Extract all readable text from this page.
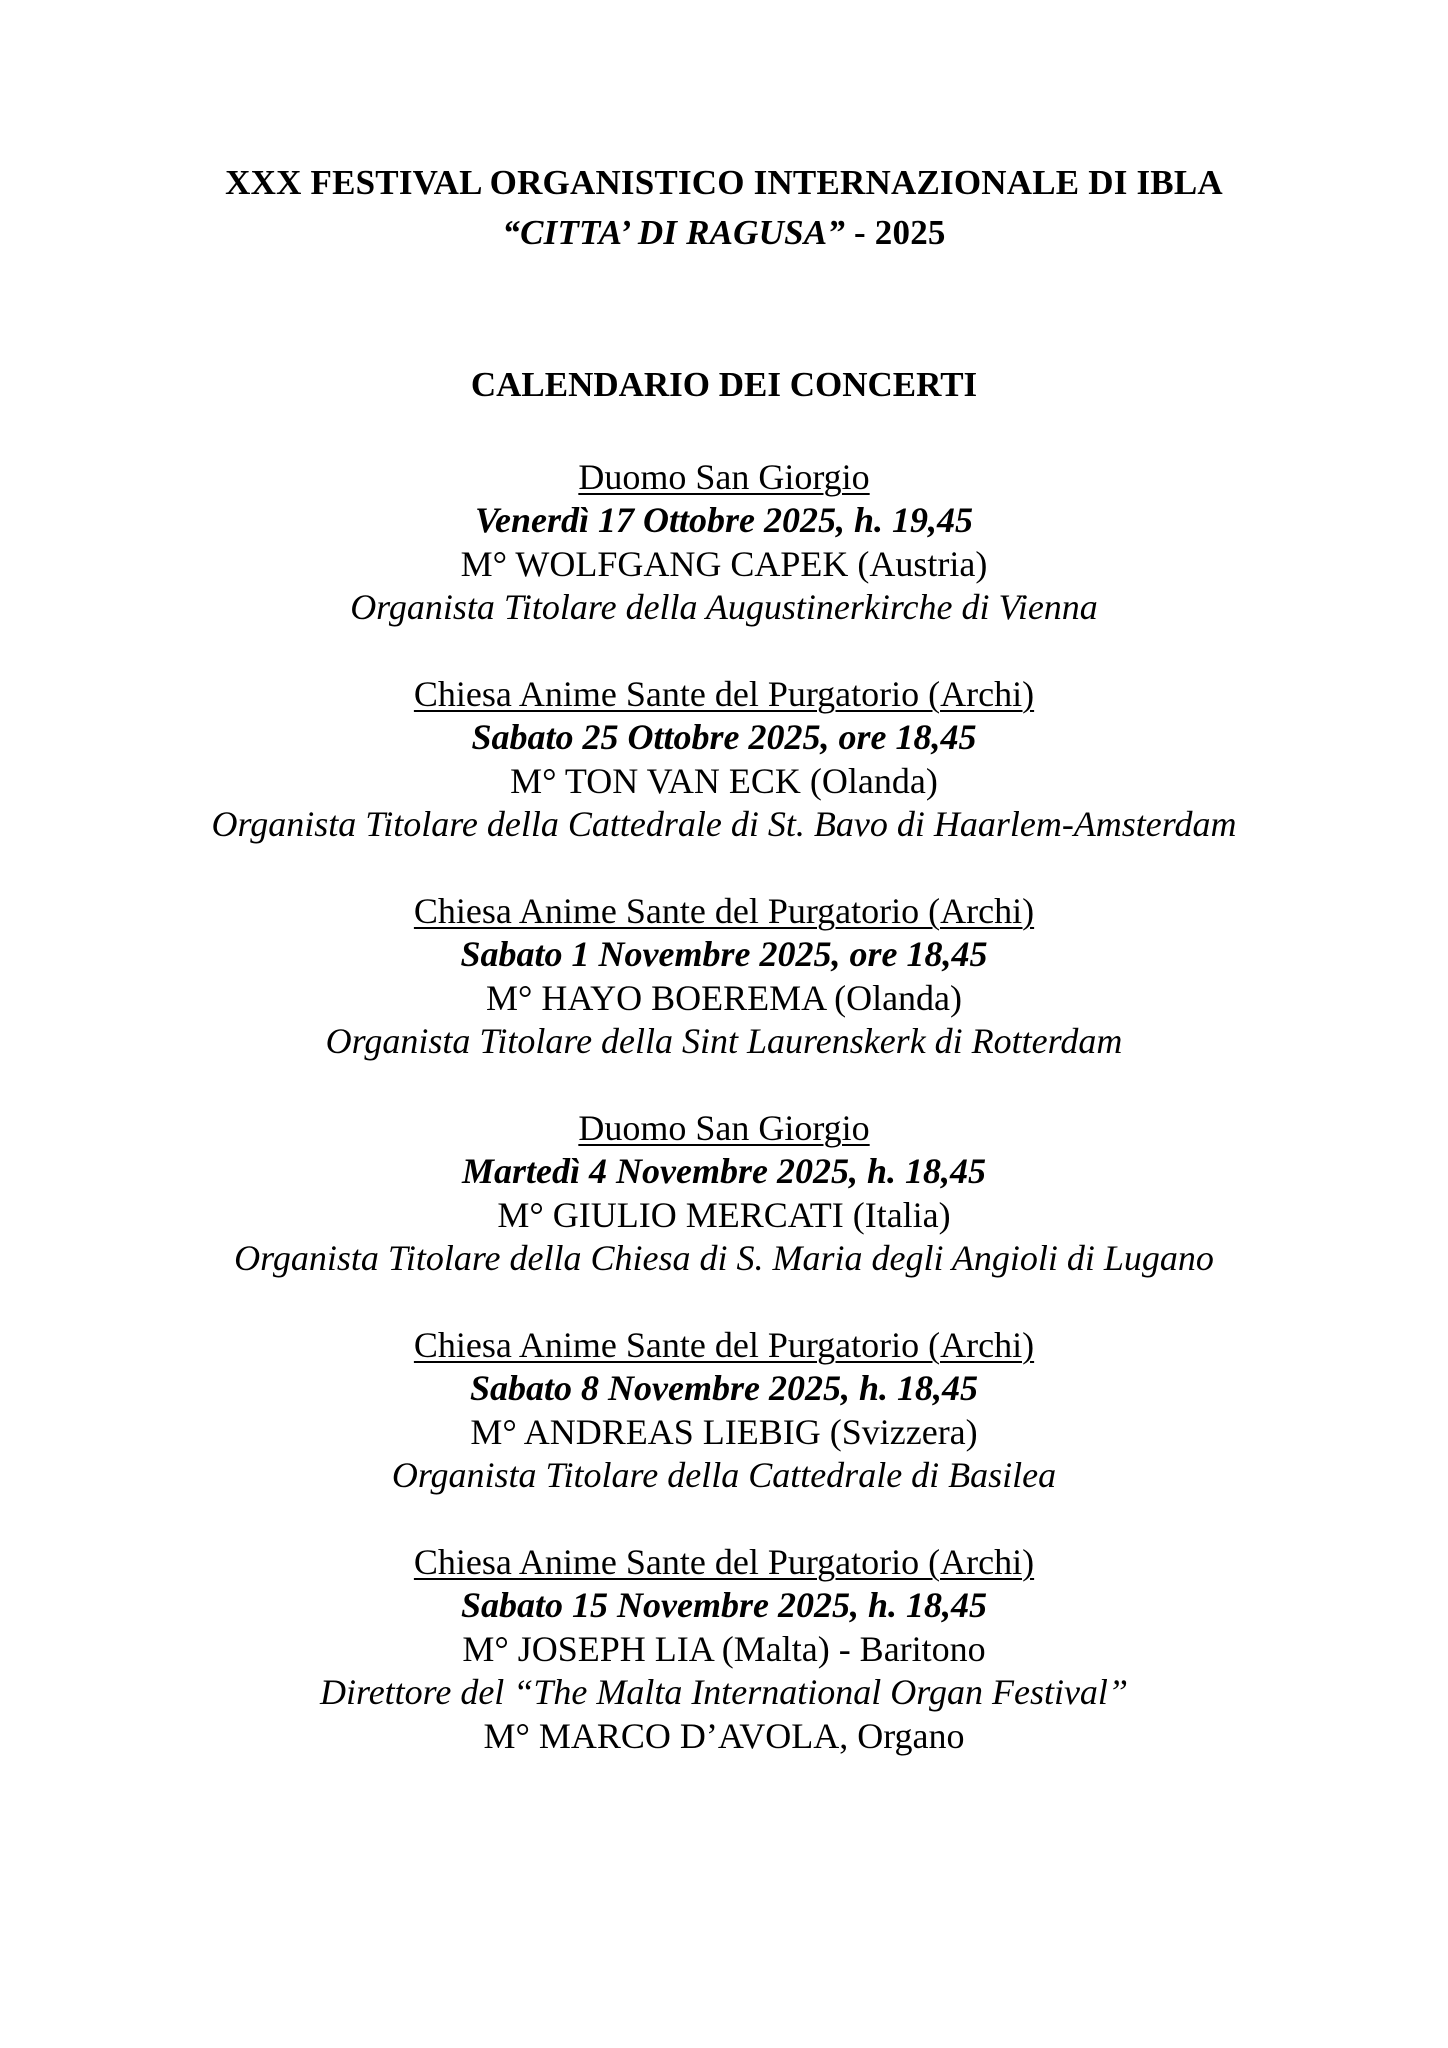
XXX FESTIVAL ORGANISTICO INTERNAZIONALE DI IBLA
“CITTA’ DI RAGUSA” - 2025
CALENDARIO DEI CONCERTI
Duomo San Giorgio
Venerdì 17 Ottobre 2025, h. 19,45
M° WOLFGANG CAPEK (Austria)
Organista Titolare della Augustinerkirche di Vienna
Chiesa Anime Sante del Purgatorio (Archi)
Sabato 25 Ottobre 2025, ore 18,45
M° TON VAN ECK (Olanda)
Organista Titolare della Cattedrale di St. Bavo di Haarlem-Amsterdam
Chiesa Anime Sante del Purgatorio (Archi)
Sabato 1 Novembre 2025, ore 18,45
M° HAYO BOEREMA (Olanda)
Organista Titolare della Sint Laurenskerk di Rotterdam
Duomo San Giorgio
Martedì 4 Novembre 2025, h. 18,45
M° GIULIO MERCATI (Italia)
Organista Titolare della Chiesa di S. Maria degli Angioli di Lugano
Chiesa Anime Sante del Purgatorio (Archi)
Sabato 8 Novembre 2025, h. 18,45
M° ANDREAS LIEBIG (Svizzera)
Organista Titolare della Cattedrale di Basilea
Chiesa Anime Sante del Purgatorio (Archi)
Sabato 15 Novembre 2025, h. 18,45
M° JOSEPH LIA (Malta) - Baritono
Direttore del “The Malta International Organ Festival”
M° MARCO D’AVOLA, Organo
